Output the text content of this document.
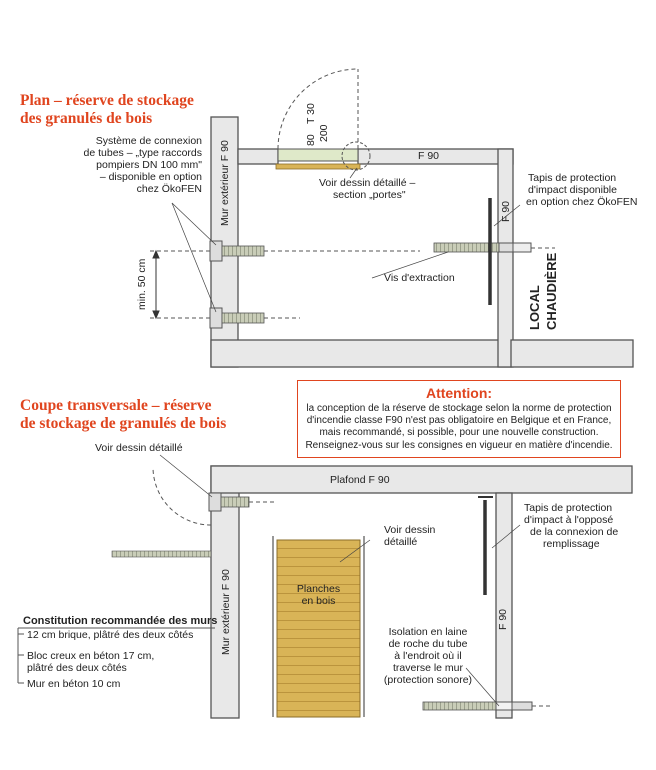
Plan – réserve de stockage
des granulés de bois
Système de connexion
de tubes – „type raccords
pompiers DN 100 mm"
– disponible en option
chez ÖkoFEN
80
T 30
200
F 90
F 90
Mur extérieur F 90	Voir dessin détaillé –
section „portes"
Tapis de protection
d'impact disponible
en option chez ÖkoFEN
min. 50 cm	Vis d'extraction
LOCAL CHAUDIÈRE
Attention:
la conception de la réserve de stockage selon la norme de protection
d'incendie classe F90 n'est pas obligatoire en Belgique et en France,
mais recommandé, si possible, pour une nouvelle construction.
Renseignez-vous sur les consignes en vigueur en matière d'incendie.
Coupe transversale – réserve
de stockage de granulés de bois
Voir dessin détaillé
Plafond F 90
Tapis de protection
d'impact à l'opposé
de la connexion de
remplissage
Voir dessin
détaillé
Planches
en bois
Mur extérieur F 90	F 90
Isolation en laine
de roche du tube
à l'endroit où il
traverse le mur
(protection sonore)
Constitution recommandée des murs
12 cm brique, plâtré des deux côtés
Bloc creux en béton 17 cm,
plâtré des deux côtés
Mur en béton 10 cm
